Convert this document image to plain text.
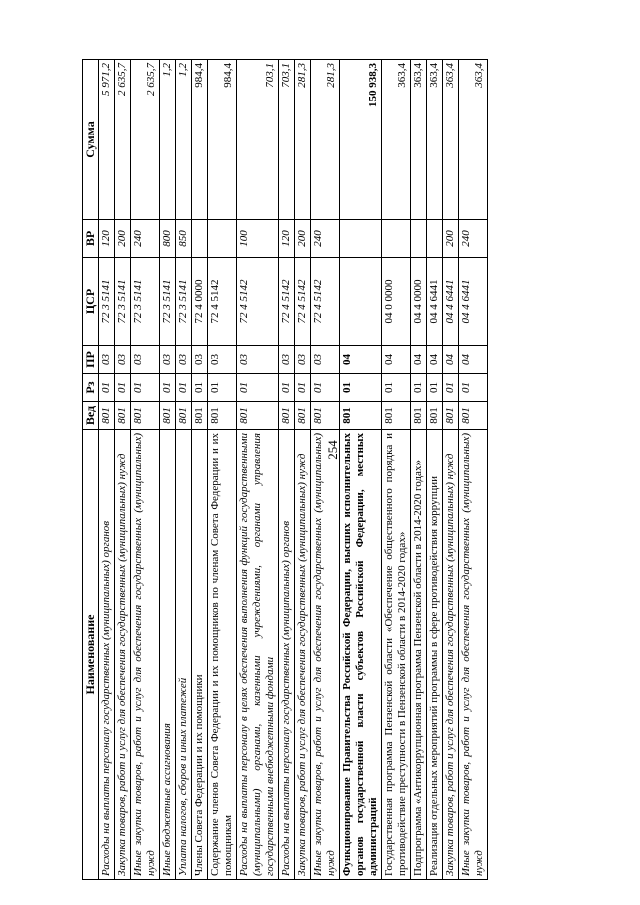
254
Наименование	Вед	Рз	ПР	ЦСР	ВР	Сумма
Расходы на выплаты персоналу государственных (муниципальных) органов	801	01	03	72 3 5141	120	5 971,2
Закупка товаров, работ и услуг для обеспечения государственных (муниципальных) нужд	801	01	03	72 3 5141	200	2 635,7
Иные закупки товаров, работ и услуг для обеспечения государственных (муниципальных) нужд	801	01	03	72 3 5141	240	2 635,7
Иные бюджетные ассигнования	801	01	03	72 3 5141	800	1,2
Уплата налогов, сборов и иных платежей	801	01	03	72 3 5141	850	1,2
Члены Совета Федерации и их помощники	801	01	03	72 4 0000		984,4
Содержание членов Совета Федерации и их помощников по членам Совета Федерации и их помощникам	801	01	03	72 4 5142		984,4
Расходы на выплаты персоналу в целях обеспечения выполнения функций государственными (муниципальными) органами, казенными учреждениями, органами управления государственными внебюджетными фондами	801	01	03	72 4 5142	100	703,1
Расходы на выплаты персоналу государственных (муниципальных) органов	801	01	03	72 4 5142	120	703,1
Закупка товаров, работ и услуг для обеспечения государственных (муниципальных) нужд	801	01	03	72 4 5142	200	281,3
Иные закупки товаров, работ и услуг для обеспечения государственных (муниципальных) нужд	801	01	03	72 4 5142	240	281,3
Функционирование Правительства Российской Федерации, высших исполнительных органов государственной власти субъектов Российской Федерации, местных администраций	801	01	04			150 938,3
Государственная программа Пензенской области «Обеспечение общественного порядка и противодействие преступности в Пензенской области в 2014-2020 годах»	801	01	04	04 0 0000		363,4
Подпрограмма «Антикоррупционная программа Пензенской области в 2014-2020 годах»	801	01	04	04 4 0000		363,4
Реализация отдельных мероприятий программы в сфере противодействия коррупции	801	01	04	04 4 6441		363,4
Закупка товаров, работ и услуг для обеспечения государственных (муниципальных) нужд	801	01	04	04 4 6441	200	363,4
Иные закупки товаров, работ и услуг для обеспечения государственных (муниципальных) нужд	801	01	04	04 4 6441	240	363,4
